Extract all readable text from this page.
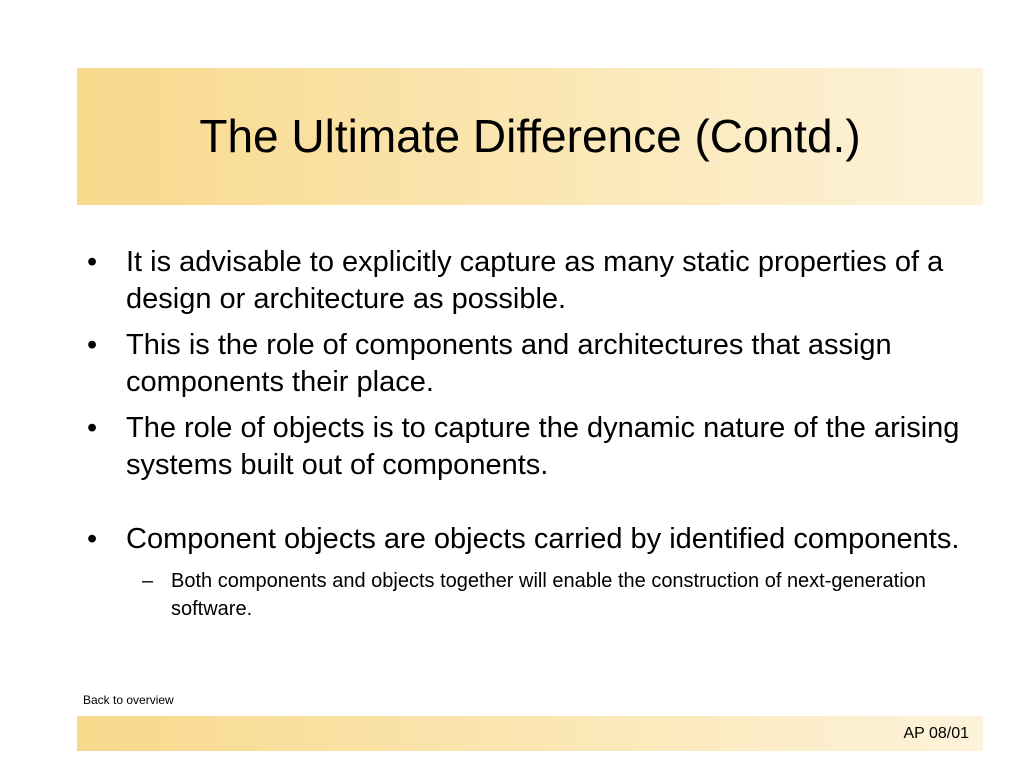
The Ultimate Difference (Contd.)
• It is advisable to explicitly capture as many static properties of a design or architecture as possible.
• This is the role of components and architectures that assign components their place.
• The role of objects is to capture the dynamic nature of the arising systems built out of components.
• Component objects are objects carried by identified components.
– Both components and objects together will enable the construction of next-generation software.
Back to overview
AP 08/01
